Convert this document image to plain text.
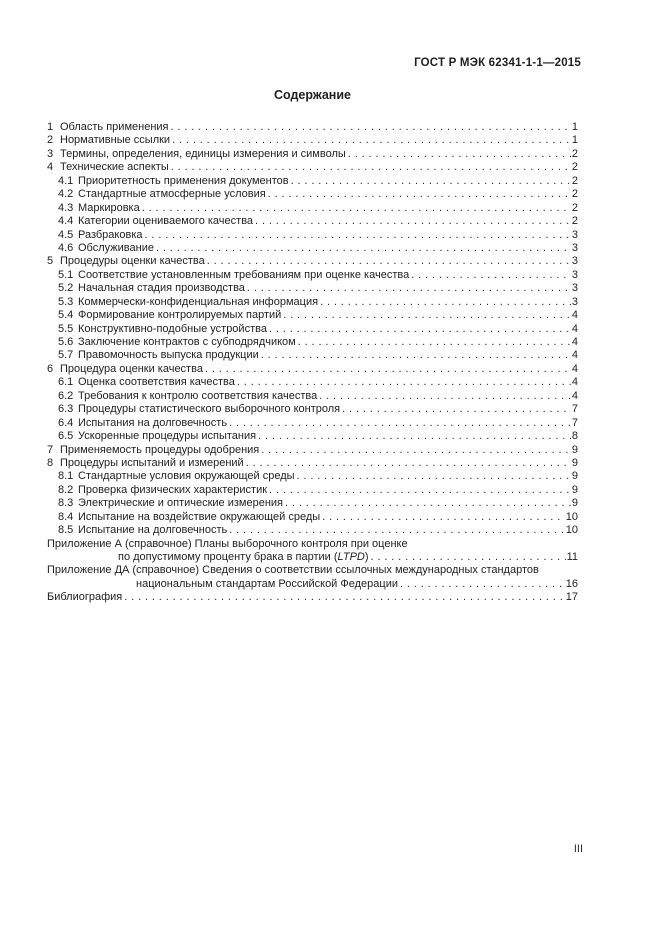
ГОСТ Р МЭК 62341-1-1—2015
Содержание
1 Область применения . . .	1
2 Нормативные ссылки . . .	1
3 Термины, определения, единицы измерения и символы . . .	2
4 Технические аспекты . . .	2
4.1 Приоритетность применения документов . . .	2
4.2 Стандартные атмосферные условия . . .	2
4.3 Маркировка . . .	2
4.4 Категории оцениваемого качества . . .	2
4.5 Разбраковка . . .	3
4.6 Обслуживание . . .	3
5 Процедуры оценки качества . . .	3
5.1 Соответствие установленным требованиям при оценке качества . . .	3
5.2 Начальная стадия производства . . .	3
5.3 Коммерчески-конфиденциальная информация . . .	3
5.4 Формирование контролируемых партий . . .	4
5.5 Конструктивно-подобные устройства . . .	4
5.6 Заключение контрактов с субподрядчиком . . .	4
5.7 Правомочность выпуска продукции . . .	4
6 Процедура оценки качества . . .	4
6.1 Оценка соответствия качества . . .	4
6.2 Требования к контролю соответствия качества . . .	4
6.3 Процедуры статистического выборочного контроля . . .	7
6.4 Испытания на долговечность . . .	7
6.5 Ускоренные процедуры испытания . . .	8
7 Применяемость процедуры одобрения . . .	9
8 Процедуры испытаний и измерений . . .	9
8.1 Стандартные условия окружающей среды . . .	9
8.2 Проверка физических характеристик . . .	9
8.3 Электрические и оптические измерения . . .	9
8.4 Испытание на воздействие окружающей среды . . .	10
8.5 Испытание на долговечность . . .	10
Приложение А (справочное) Планы выборочного контроля при оценке
по допустимому проценту брака в партии ( LTPD ) . . .	11
Приложение ДА (справочное) Сведения о соответствии ссылочных международных стандартов
национальным стандартам Российской Федерации . . .	16
Библиография . . .	17
III
